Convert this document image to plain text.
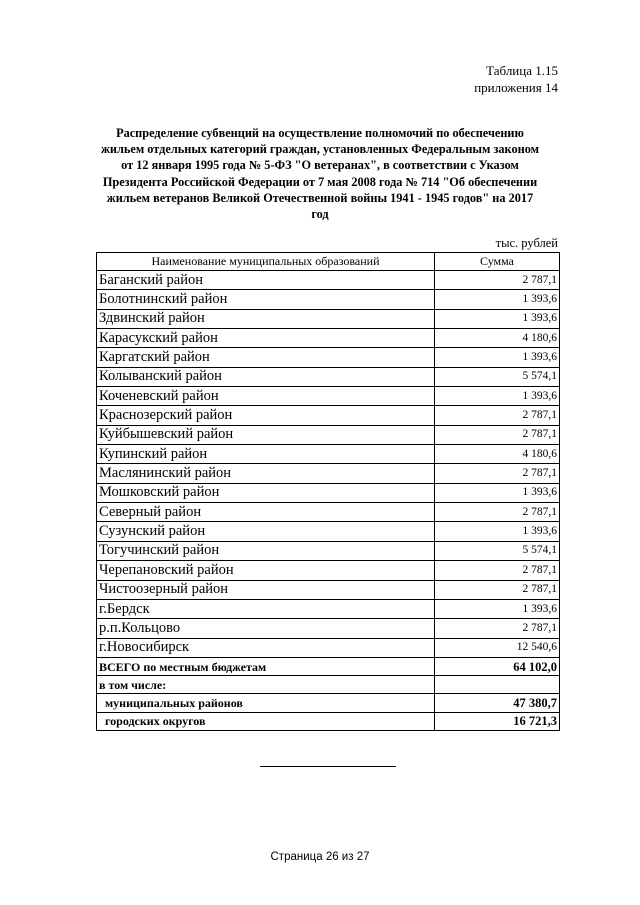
Таблица 1.15
приложения 14
Распределение субвенций на осуществление полномочий по обеспечению жильем отдельных категорий граждан, установленных Федеральным законом от 12 января 1995 года № 5-ФЗ "О ветеранах", в соответствии с Указом Президента Российской Федерации от 7 мая 2008 года № 714 "Об обеспечении жильем ветеранов Великой Отечественной войны 1941 - 1945 годов" на 2017 год
тыс. рублей
Наименование муниципальных образований	Сумма
Баганский район	2 787,1
Болотнинский район	1 393,6
Здвинский район	1 393,6
Карасукский район	4 180,6
Каргатский район	1 393,6
Колыванский район	5 574,1
Коченевский район	1 393,6
Краснозерский район	2 787,1
Куйбышевский район	2 787,1
Купинский район	4 180,6
Маслянинский район	2 787,1
Мошковский район	1 393,6
Северный район	2 787,1
Сузунский район	1 393,6
Тогучинский район	5 574,1
Черепановский район	2 787,1
Чистоозерный район	2 787,1
г.Бердск	1 393,6
р.п.Кольцово	2 787,1
г.Новосибирск	12 540,6
ВСЕГО по местным бюджетам	64 102,0
в том числе:	
муниципальных районов	47 380,7
городских округов	16 721,3
Страница 26 из 27
